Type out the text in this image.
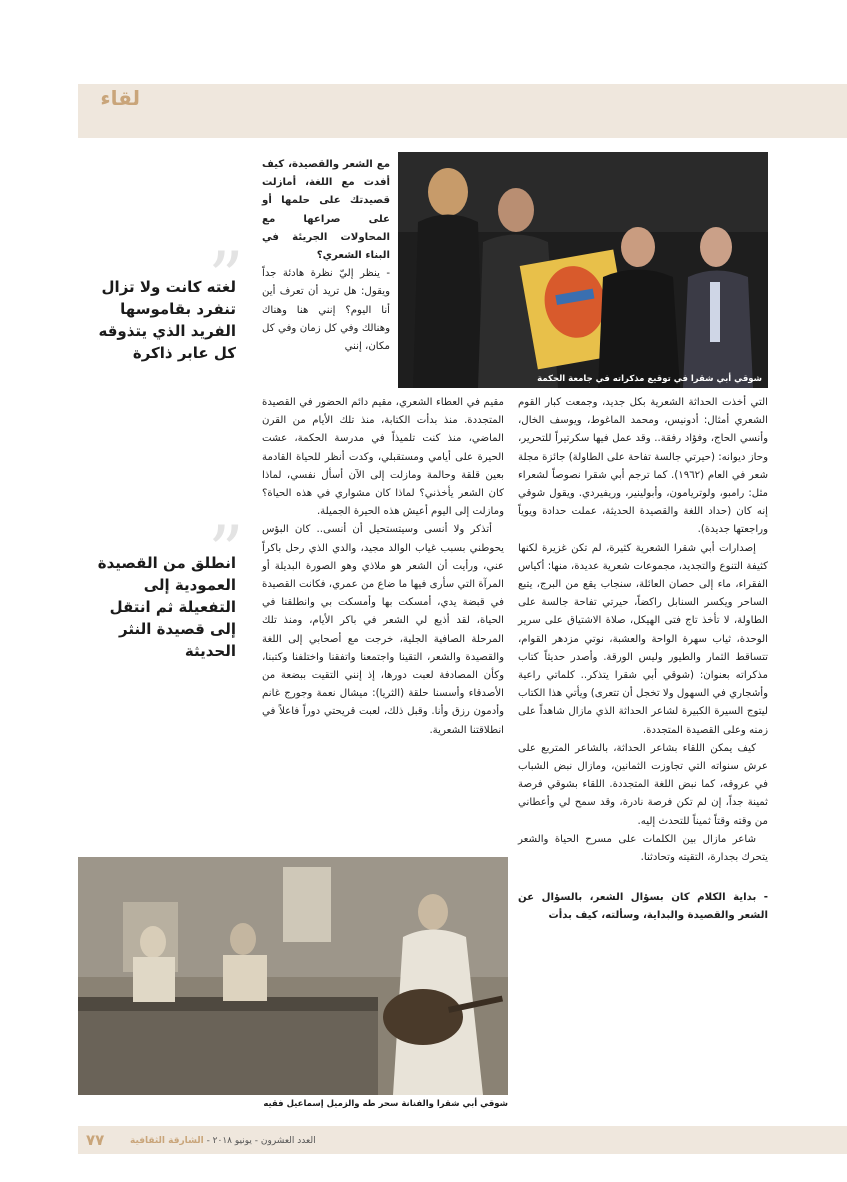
لقاء
”
لغته كانت ولا تزال تنفرد بقاموسها الفريد الذي يتذوقه كل عابر ذاكرة
”
انطلق من القصيدة العمودية إلى التفعيلة ثم انتقل إلى قصيدة النثر الحديثة
شوقي أبي شقرا في توقيع مذكراته في جامعة الحكمة

مع الشعر والقصيدة، كيف أفدت مع اللغة، أمازلت قصيدتك على حلمها أو على صراعها مع المحاولات الجريئة في البناء الشعري؟

- ينظر إليّ نظرة هادئة جداً ويقول: هل تريد أن تعرف أين أنا اليوم؟ إنني هنا وهناك وهنالك وفي كل زمان وفي كل مكان، إنني

مقيم في العطاء الشعري، مقيم دائم الحضور في القصيدة المتجددة. منذ بدأت الكتابة، منذ تلك الأيام من القرن الماضي، منذ كنت تلميذاً في مدرسة الحكمة، عشت الحيرة على أيامي ومستقبلي، وكدت أنظر للحياة القادمة بعين قلقة وحالمة ومازلت إلى الآن أسأل نفسي، لماذا كان الشعر يأخذني؟ لماذا كان مشواري في هذه الحياة؟ ومازلت إلى اليوم أعيش هذه الحيرة الجميلة.

أتذكر ولا أنسى وسيتستحيل أن أنسى.. كان البؤس يحوطني بسبب غياب الوالد مجيد، والدي الذي رحل باكراً عني، ورأيت أن الشعر هو ملاذي وهو الصورة البديلة أو المرآة التي سأرى فيها ما ضاع من عمري، فكانت القصيدة في قبضة يدي، أمسكت بها وأمسكت بي وانطلقنا في الحياة، لقد أذيع لي الشعر في باكر الأيام، ومنذ تلك المرحلة الصافية الجلية، خرجت مع أصحابي إلى اللغة والقصيدة والشعر، التقينا واجتمعنا واتفقنا واختلفنا وكتبنا، وكأن المصادفة لعبت دورها، إذ إنني التقيت ببضعة من الأصدقاء وأسسنا حلقة (الثريا): ميشال نعمة وجورج غانم وأدمون رزق وأنا. وقبل ذلك، لعبت قريحتي دوراً فاعلاً في انطلاقتنا الشعرية.

التي أخذت الحداثة الشعرية بكل جديد، وجمعت كبار القوم الشعري أمثال: أدونيس، ومحمد الماغوط، ويوسف الخال، وأنسي الحاج، وفؤاد رفقة.. وقد عمل فيها سكرتيراً للتحرير، وحاز ديوانه: (حيرتي جالسة تفاحة على الطاولة) جائزة مجلة شعر في العام (١٩٦٢). كما ترجم أبي شقرا نصوصاً لشعراء مثل: رامبو، ولوتريامون، وأبولينير، وريفيردي. ويقول شوقي إنه كان (حداد اللغة والقصيدة الحديثة، عملت حدادة ويوياً وراجعتها جديدة).

إصدارات أبي شقرا الشعرية كثيرة، لم تكن غزيرة لكنها كثيفة التنوع والتجديد، مجموعات شعرية عديدة، منها: أكياس الفقراء، ماء إلى حصان العائلة، سنجاب يقع من البرج، يتبع الساحر ويكسر السنابل راكضاً، حيرتي تفاحة جالسة على الطاولة، لا تأخذ تاج فتى الهيكل، صلاة الاشتياق على سرير الوحدة، ثياب سهرة الواحة والعشبة، نوتي مزدهر القوام، تتساقط الثمار والطيور وليس الورقة. وأصدر حديثاً كتاب مذكراته بعنوان: (شوقي أبي شقرا يتذكر.. كلماتي راعية وأشجاري في السهول ولا تخجل أن تتعرى) ويأتي هذا الكتاب ليتوج السيرة الكبيرة لشاعر الحداثة الذي مازال شاهداً على زمنه وعلى القصيدة المتجددة.

كيف يمكن اللقاء بشاعر الحداثة، بالشاعر المتربع على عرش سنواته التي تجاوزت الثمانين، ومازال نبض الشباب في عروقه، كما نبض اللغة المتجددة. اللقاء بشوقي فرصة ثمينة جداً، إن لم تكن فرصة نادرة، وقد سمح لي وأعطاني من وقته وقتاً ثميناً للتحدث إليه.

شاعر مازال بين الكلمات على مسرح الحياة والشعر يتحرك بجدارة، التقيته وتحادثنا.

- بداية الكلام كان بسؤال الشعر، بالسؤال عن الشعر والقصيدة والبداية، وسألته، كيف بدأت

شوقي أبي شقرا والفنانة سحر طه والزميل إسماعيل فقيه
٧٧	العدد العشرون - يونيو ٢٠١٨ - الشارقة الثقافية
